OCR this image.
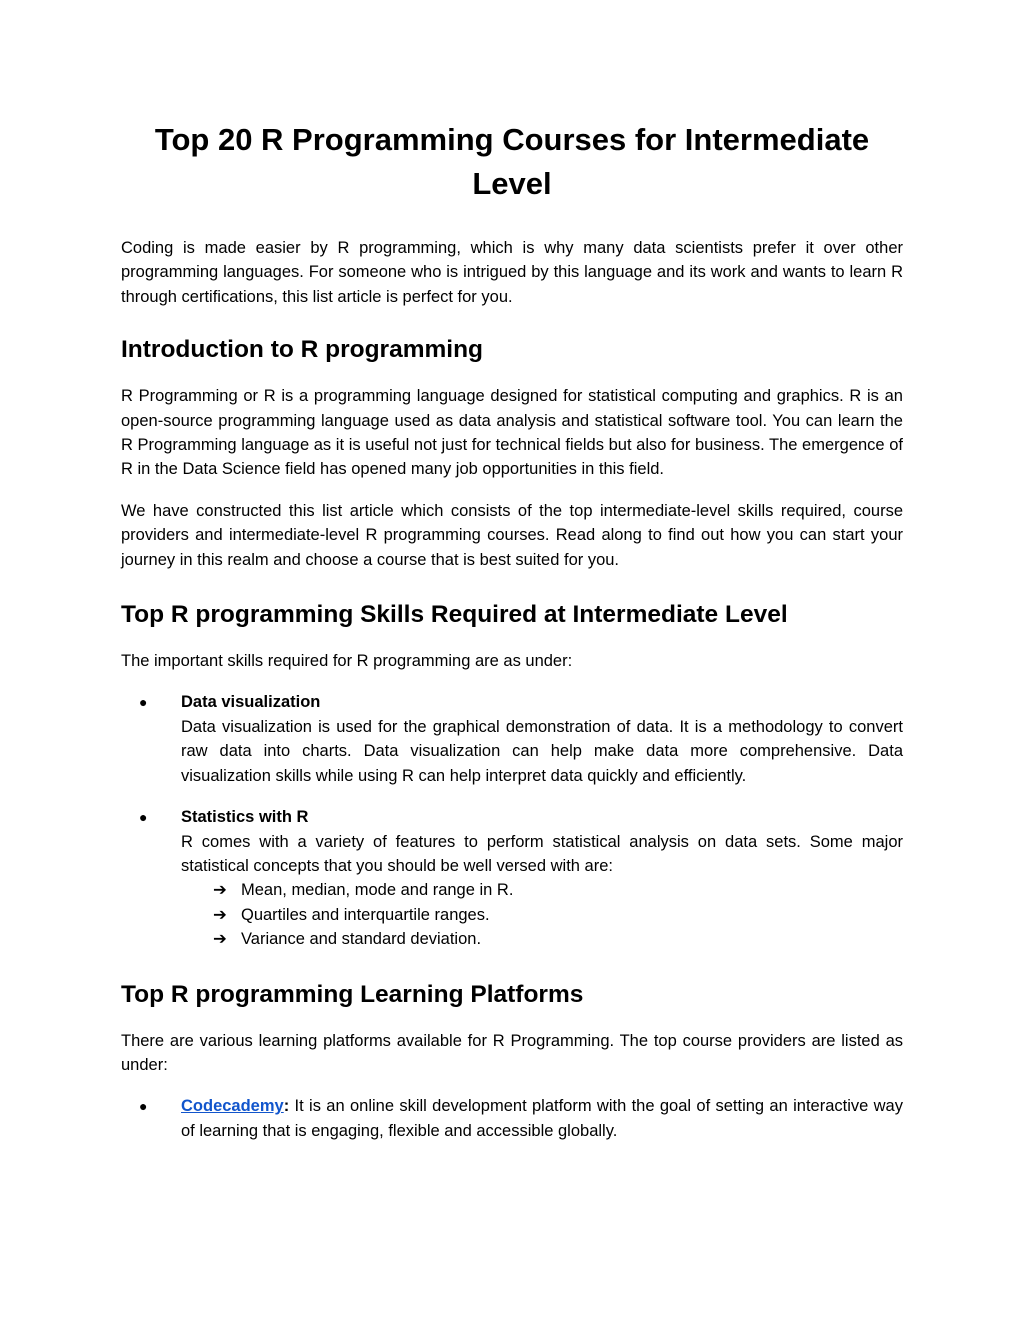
Top 20 R Programming Courses for Intermediate Level

Coding is made easier by R programming, which is why many data scientists prefer it over other programming languages. For someone who is intrigued by this language and its work and wants to learn R through certifications, this list article is perfect for you.

Introduction to R programming

R Programming or R is a programming language designed for statistical computing and graphics. R is an open-source programming language used as data analysis and statistical software tool. You can learn the R Programming language as it is useful not just for technical fields but also for business. The emergence of R in the Data Science field has opened many job opportunities in this field.

We have constructed this list article which consists of the top intermediate-level skills required, course providers and intermediate-level R programming courses. Read along to find out how you can start your journey in this realm and choose a course that is best suited for you.

Top R programming Skills Required at Intermediate Level

The important skills required for R programming are as under:

● Data visualization
Data visualization is used for the graphical demonstration of data. It is a methodology to convert raw data into charts. Data visualization can help make data more comprehensive. Data visualization skills while using R can help interpret data quickly and efficiently.
● Statistics with R
R comes with a variety of features to perform statistical analysis on data sets. Some major statistical concepts that you should be well versed with are:
➔ Mean, median, mode and range in R.
➔ Quartiles and interquartile ranges.
➔ Variance and standard deviation.
Top R programming Learning Platforms

There are various learning platforms available for R Programming. The top course providers are listed as under:

● Codecademy: It is an online skill development platform with the goal of setting an interactive way of learning that is engaging, flexible and accessible globally.
